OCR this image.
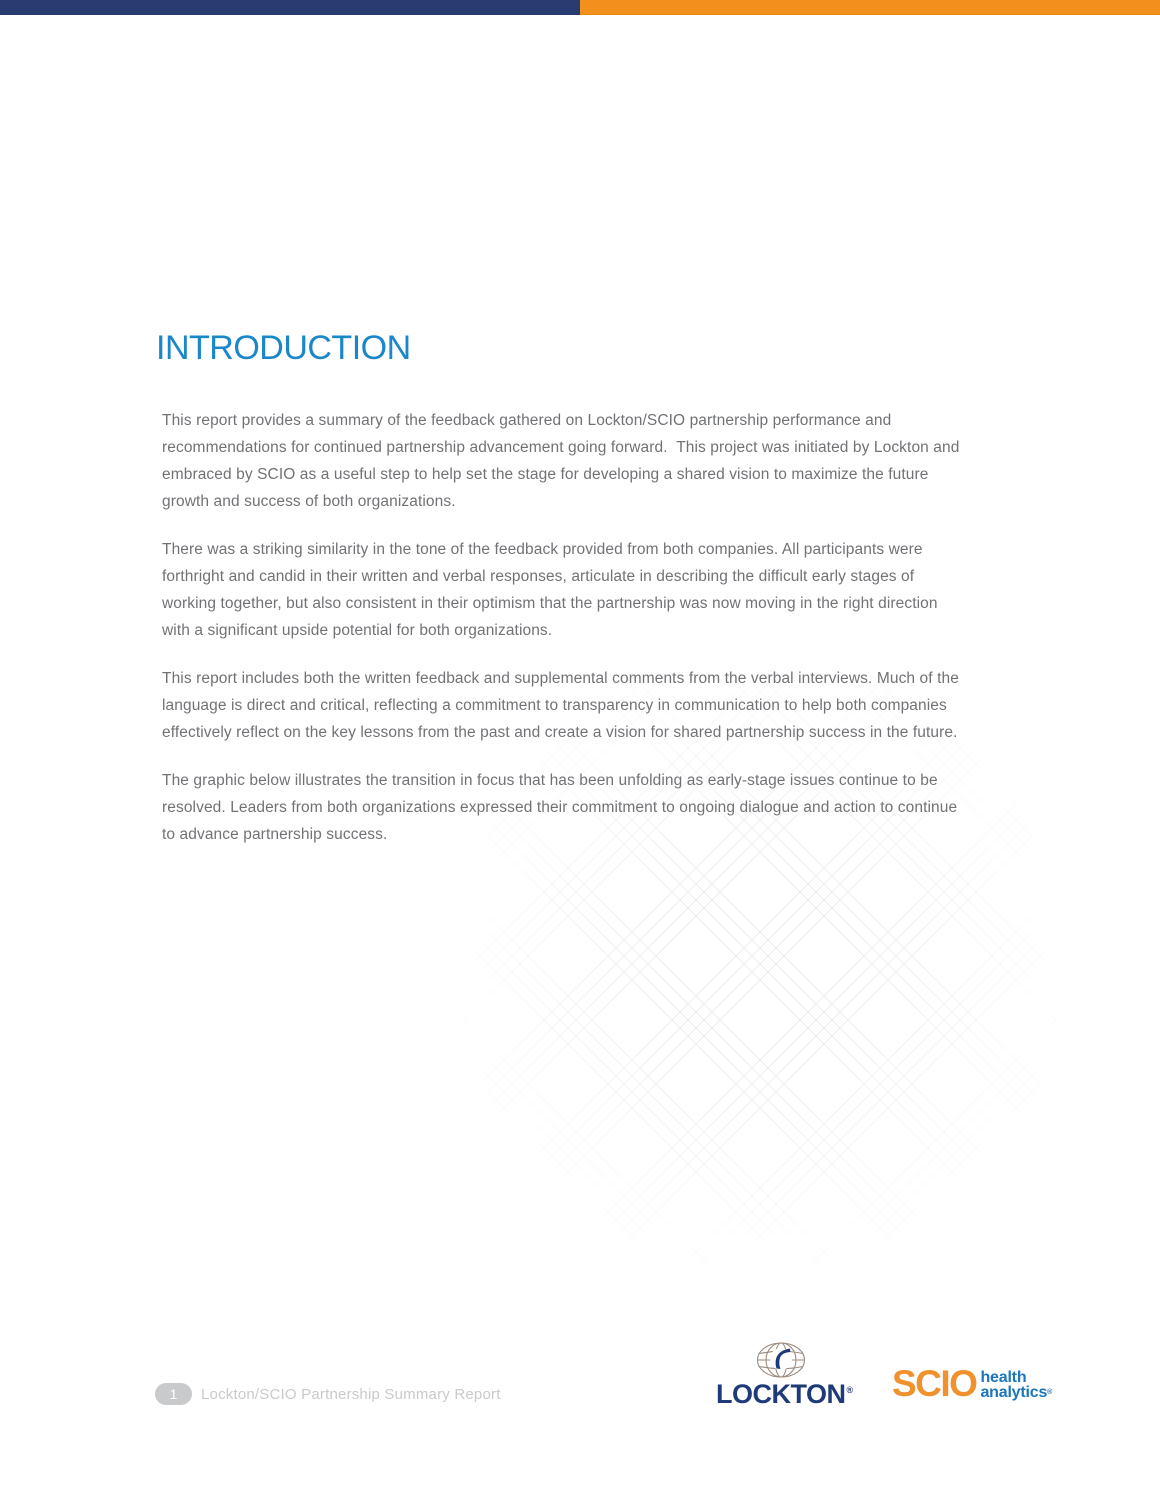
INTRODUCTION

This report provides a summary of the feedback gathered on Lockton/SCIO partnership performance and recommendations for continued partnership advancement going forward.  This project was initiated by Lockton and embraced by SCIO as a useful step to help set the stage for developing a shared vision to maximize the future growth and success of both organizations.

There was a striking similarity in the tone of the feedback provided from both companies. All participants were forthright and candid in their written and verbal responses, articulate in describing the difficult early stages of working together, but also consistent in their optimism that the partnership was now moving in the right direction with a significant upside potential for both organizations.

This report includes both the written feedback and supplemental comments from the verbal interviews. Much of the language is direct and critical, reflecting a commitment to transparency in communication to help both companies effectively reflect on the key lessons from the past and create a vision for shared partnership success in the future.

The graphic below illustrates the transition in focus that has been unfolding as early-stage issues continue to be resolved. Leaders from both organizations expressed their commitment to ongoing dialogue and action to continue to advance partnership success.

1 Lockton/SCIO Partnership Summary Report	LOCKTON® SCIO health
analytics®
